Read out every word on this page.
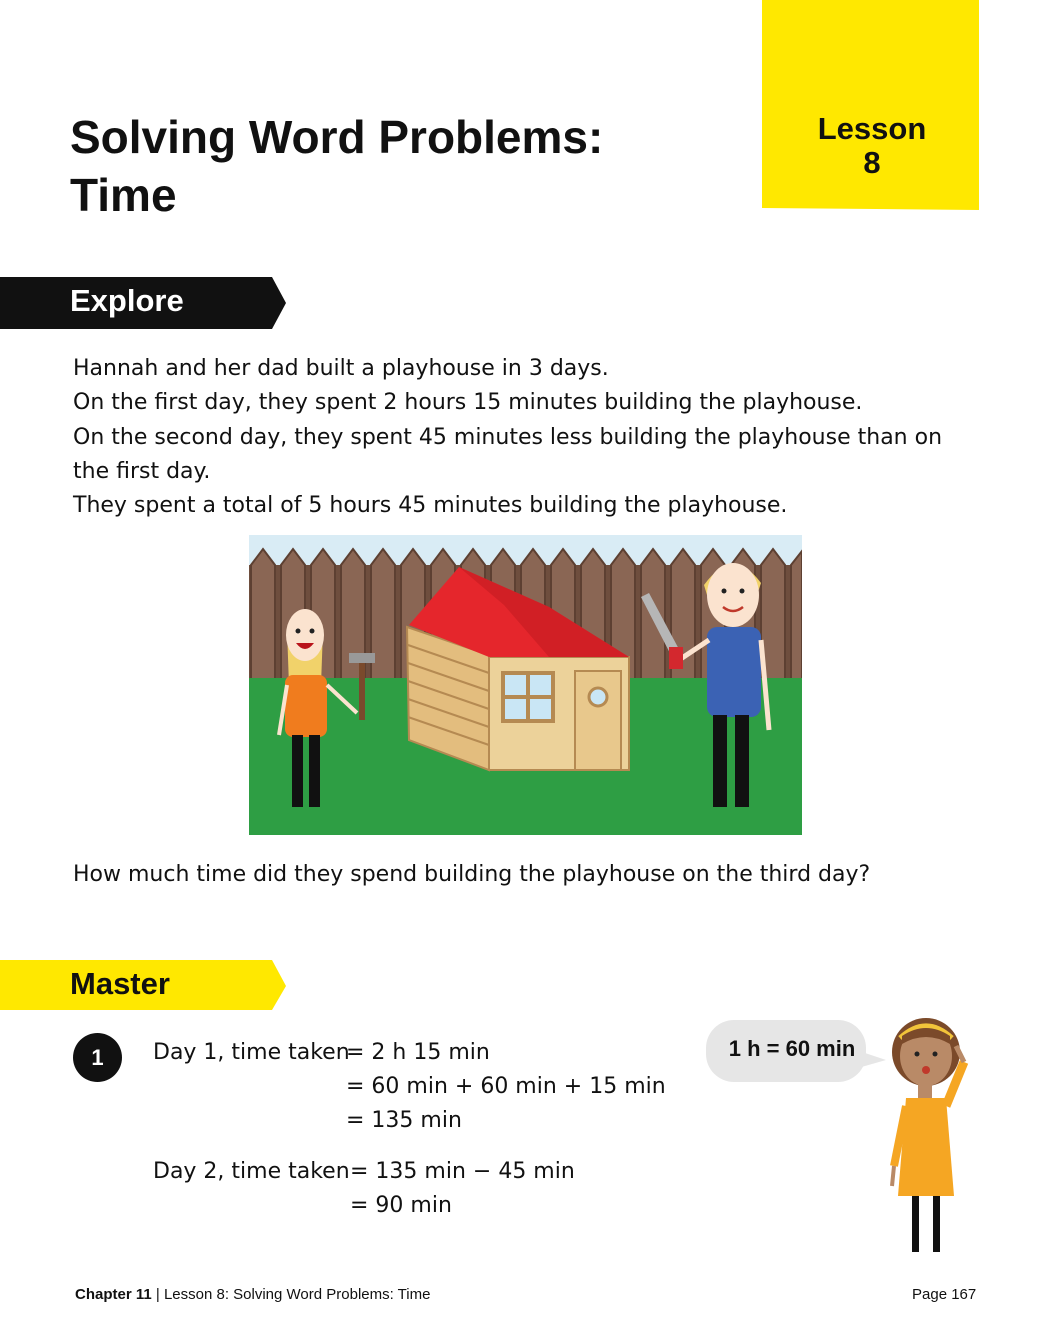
Solving Word Problems:
Time
Lesson
8
Explore
Hannah and her dad built a playhouse in 3 days.
On the first day, they spent 2 hours 15 minutes building the playhouse.
On the second day, they spent 45 minutes less building the playhouse than on
the first day.
They spent a total of 5 hours 45 minutes building the playhouse.
How much time did they spend building the playhouse on the third day?
Master
1	Day 1, time taken
= 2 h 15 min
= 60 min + 60 min + 15 min
= 135 min
Day 2, time taken = 135 min − 45 min
= 90 min
1 h = 60 min
Chapter 11 | Lesson 8: Solving Word Problems: Time	Page 167
